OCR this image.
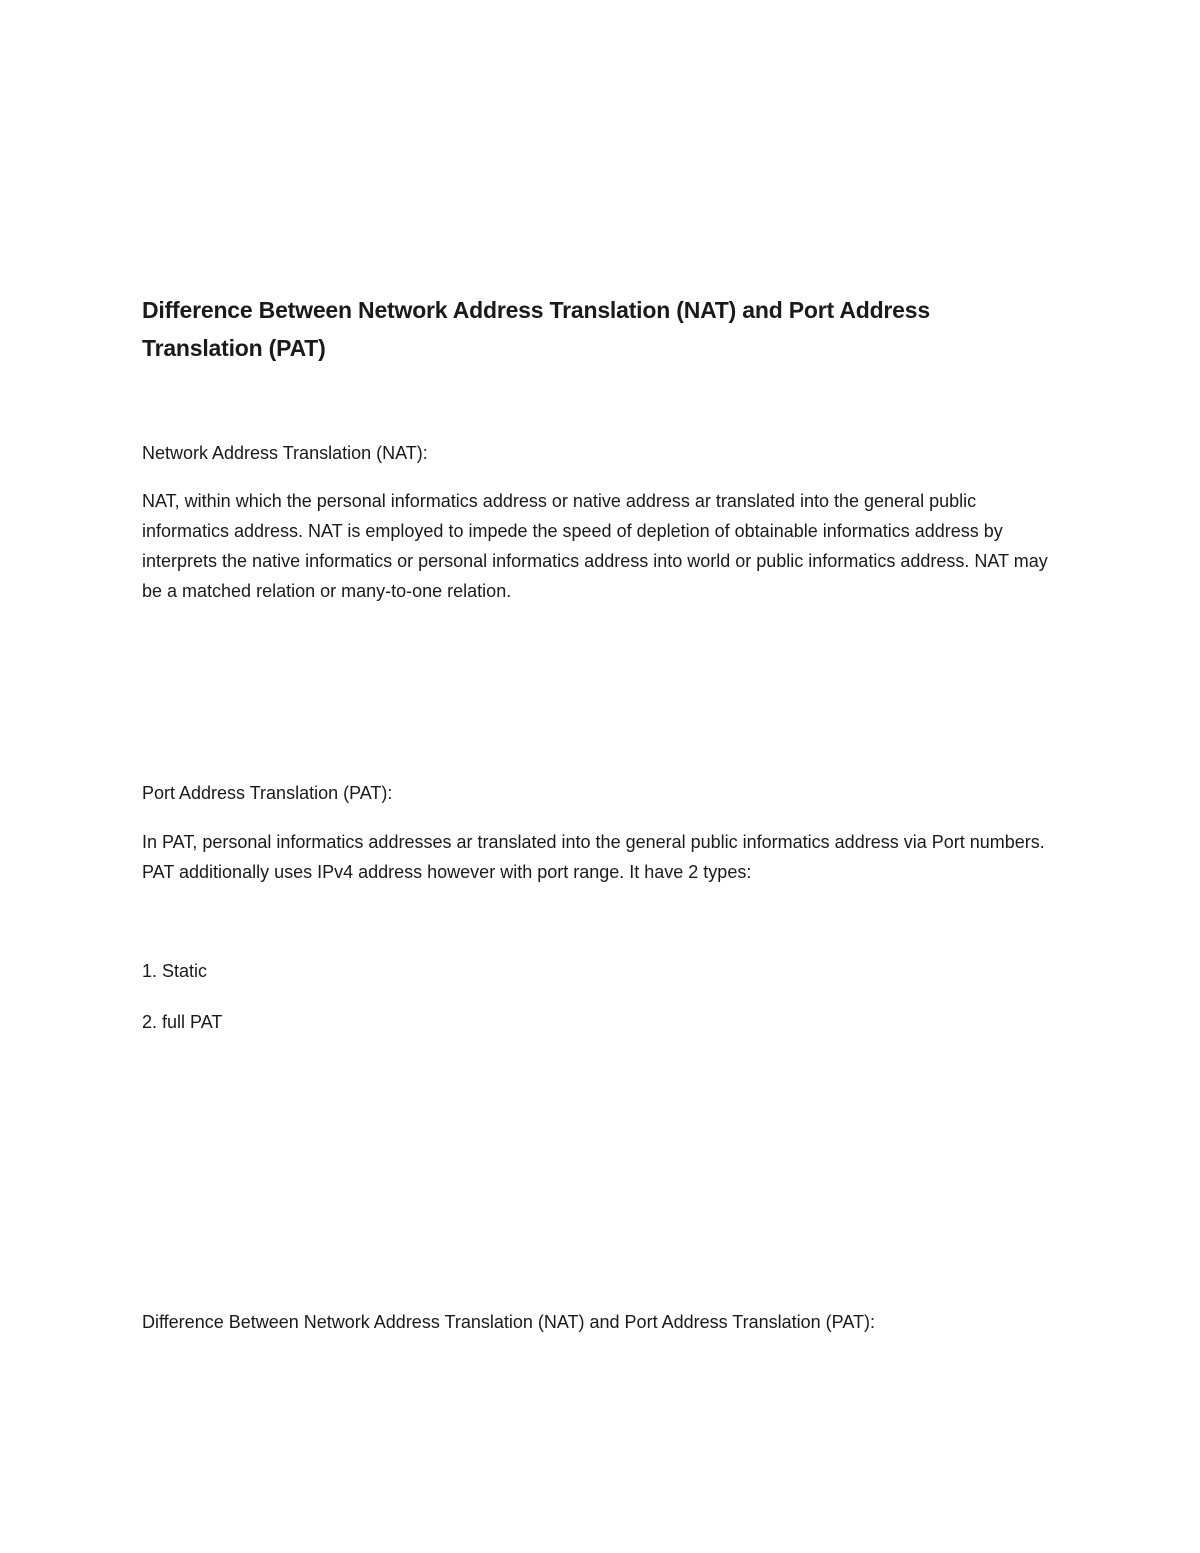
Difference Between Network Address Translation (NAT) and Port Address Translation (PAT)

Network Address Translation (NAT):

NAT, within which the personal informatics address or native address ar translated into the general public informatics address. NAT is employed to impede the speed of depletion of obtainable informatics address by interprets the native informatics or personal informatics address into world or public informatics address. NAT may be a matched relation or many-to-one relation.

Port Address Translation (PAT):

In PAT, personal informatics addresses ar translated into the general public informatics address via Port numbers. PAT additionally uses IPv4 address however with port range. It have 2 types:

1. Static

2. full PAT

Difference Between Network Address Translation (NAT) and Port Address Translation (PAT):
